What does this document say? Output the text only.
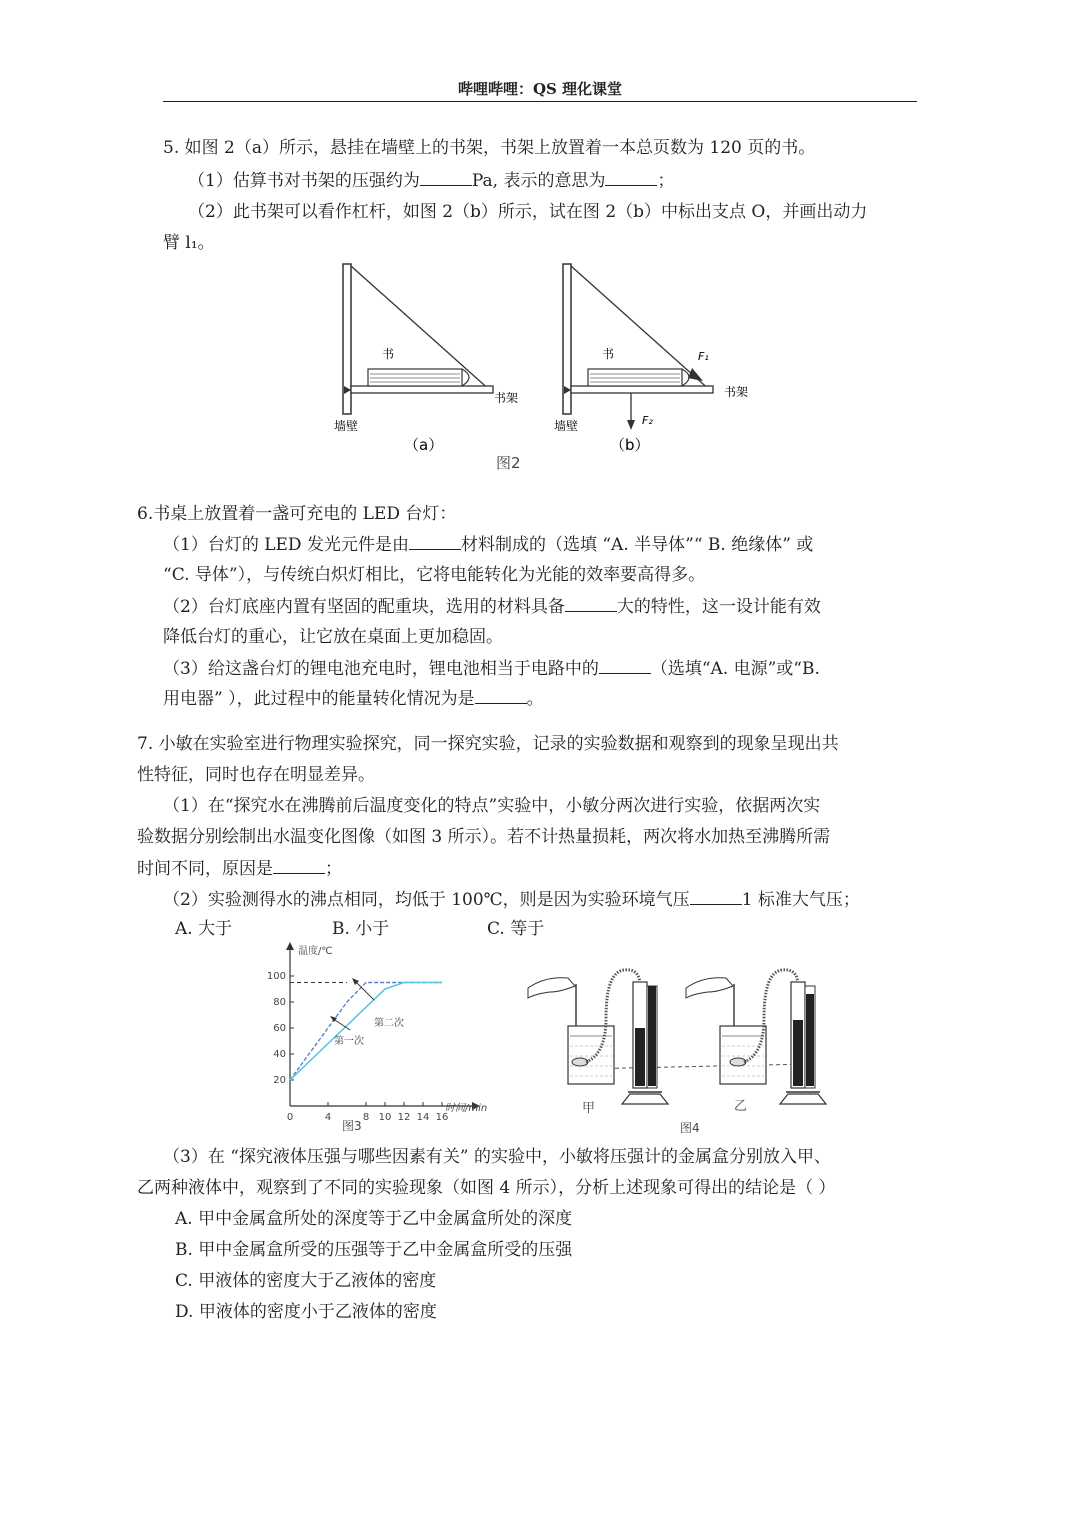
哔哩哔哩：QS 理化课堂
5. 如图 2（a）所示，悬挂在墙壁上的书架，书架上放置着一本总页数为 120 页的书。
（1）估算书对书架的压强约为	Pa, 表示的意思为	；
（2）此书架可以看作杠杆，如图 2（b）所示，试在图 2（b）中标出支点 O，并画出动力
臂 l₁。
书
书架
墙壁
（a）
书
书架
墙壁
F₁
F₂
（b）
图2
6.书桌上放置着一盏可充电的 LED 台灯：
（1）台灯的 LED 发光元件是由	材料制成的（选填 “A. 半导体”“ B. 绝缘体” 或
“C. 导体”），与传统白炽灯相比，它将电能转化为光能的效率要高得多。
（2）台灯底座内置有坚固的配重块，选用的材料具备	大的特性，这一设计能有效
降低台灯的重心，让它放在桌面上更加稳固。
（3）给这盏台灯的锂电池充电时，锂电池相当于电路中的	（选填“A. 电源”或“B.
用电器” ），此过程中的能量转化情况为是	。
7. 小敏在实验室进行物理实验探究，同一探究实验，记录的实验数据和观察到的现象呈现出共
性特征，同时也存在明显差异。
（1）在“探究水在沸腾前后温度变化的特点”实验中，小敏分两次进行实验，依据两次实
验数据分别绘制出水温变化图像（如图 3 所示）。若不计热量损耗，两次将水加热至沸腾所需
时间不同，原因是	；
（2）实验测得水的沸点相同，均低于 100℃，则是因为实验环境气压	1 标准大气压；
A. 大于	B. 小于	C. 等于
温度/℃
时间/min
100
80
60
40
20
0	4	8 10 12 14 16
第二次
第一次
图3
甲	乙
图4
（3）在 “探究液体压强与哪些因素有关” 的实验中，小敏将压强计的金属盒分别放入甲、
乙两种液体中，观察到了不同的实验现象（如图 4 所示），分析上述现象可得出的结论是（ ）
A. 甲中金属盒所处的深度等于乙中金属盒所处的深度
B. 甲中金属盒所受的压强等于乙中金属盒所受的压强
C. 甲液体的密度大于乙液体的密度
D. 甲液体的密度小于乙液体的密度
